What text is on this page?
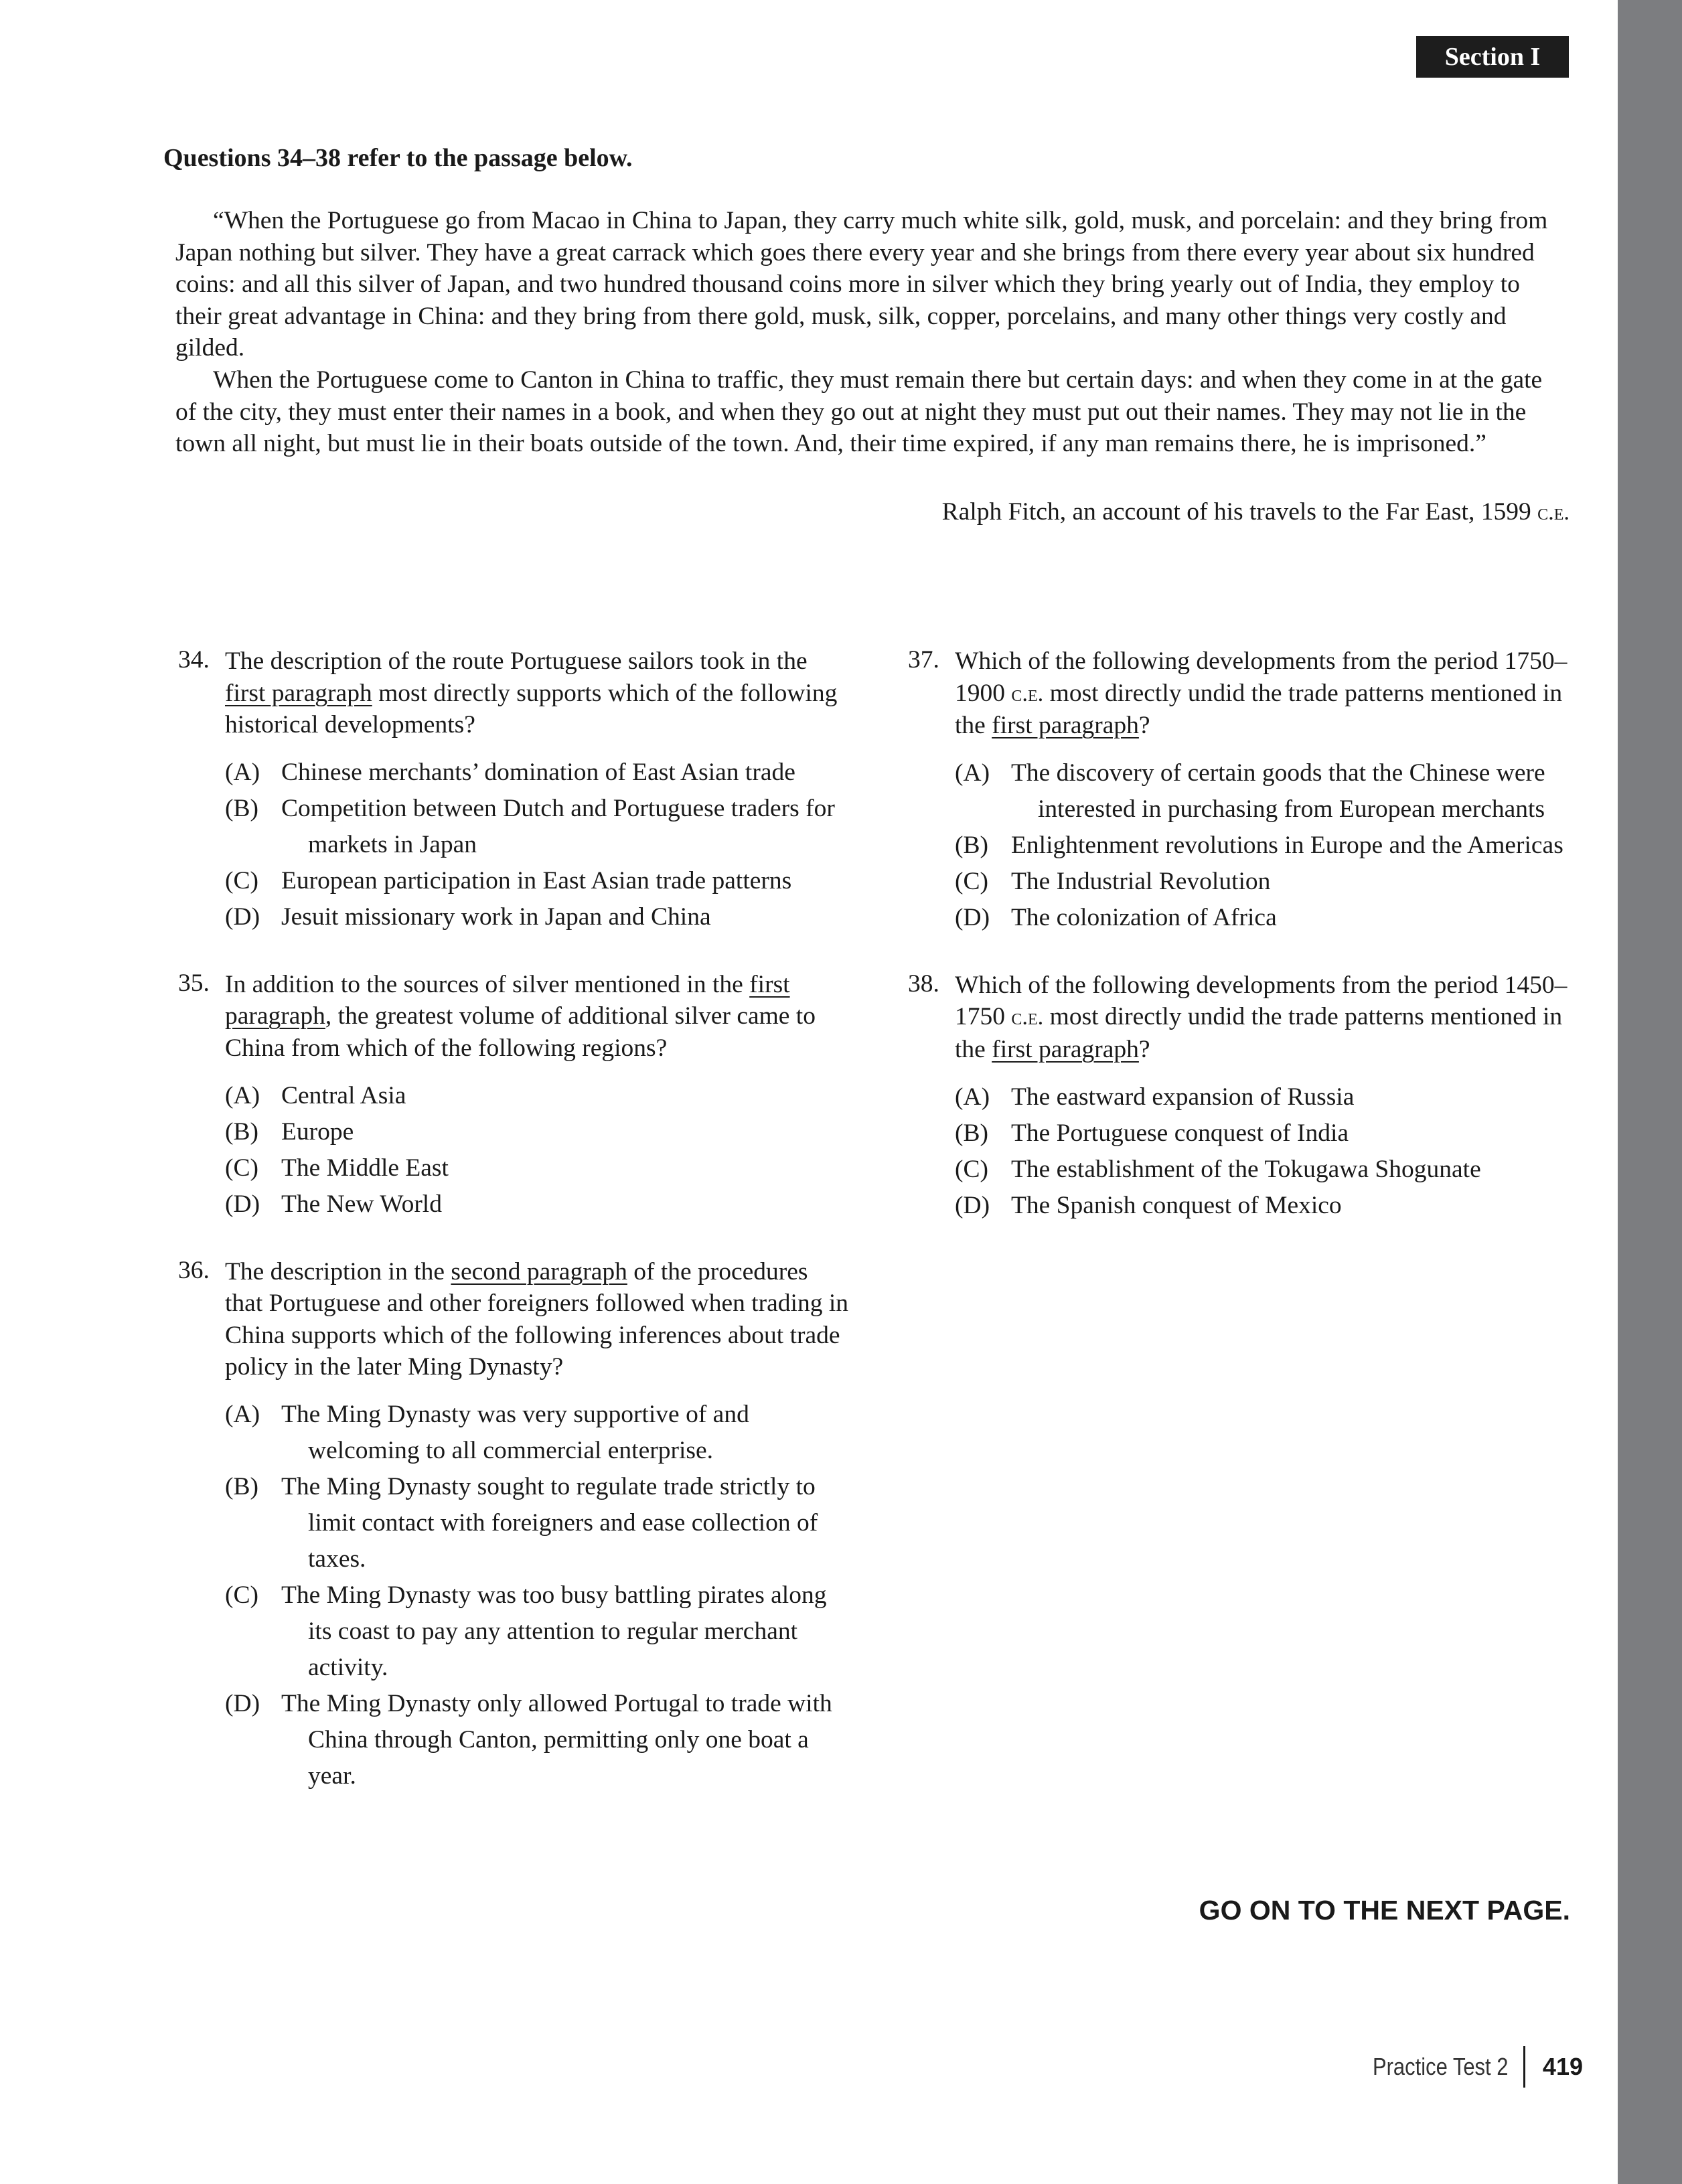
Section I
Questions 34–38 refer to the passage below.

“When the Portuguese go from Macao in China to Japan, they carry much white silk, gold, musk, and porcelain: and they bring from Japan nothing but silver. They have a great carrack which goes there every year and she brings from there every year about six hundred coins: and all this silver of Japan, and two hundred thousand coins more in silver which they bring yearly out of India, they employ to their great advantage in China: and they bring from there gold, musk, silk, copper, porcelains, and many other things very costly and gilded.

When the Portuguese come to Canton in China to traffic, they must remain there but certain days: and when they come in at the gate of the city, they must enter their names in a book, and when they go out at night they must put out their names. They may not lie in the town all night, but must lie in their boats outside of the town. And, their time expired, if any man remains there, he is imprisoned.”

Ralph Fitch, an account of his travels to the Far East, 1599 c.e.
34. The description of the route Portuguese sailors took in the first paragraph most directly supports which of the following historical developments?
(A) Chinese merchants’ domination of East Asian trade
(B) Competition between Dutch and Portuguese traders for markets in Japan
(C) European participation in East Asian trade patterns
(D) Jesuit missionary work in Japan and China
35. In addition to the sources of silver mentioned in the first paragraph, the greatest volume of additional silver came to China from which of the following regions?
(A) Central Asia
(B) Europe
(C) The Middle East
(D) The New World
36. The description in the second paragraph of the procedures that Portuguese and other foreigners followed when trading in China supports which of the following inferences about trade policy in the later Ming Dynasty?
(A) The Ming Dynasty was very supportive of and welcoming to all commercial enterprise.
(B) The Ming Dynasty sought to regulate trade strictly to limit contact with foreigners and ease collection of taxes.
(C) The Ming Dynasty was too busy battling pirates along its coast to pay any attention to regular merchant activity.
(D) The Ming Dynasty only allowed Portugal to trade with China through Canton, permitting only one boat a year.
37. Which of the following developments from the period 1750–1900 c.e. most directly undid the trade patterns mentioned in the first paragraph?
(A) The discovery of certain goods that the Chinese were interested in purchasing from European merchants
(B) Enlightenment revolutions in Europe and the Americas
(C) The Industrial Revolution
(D) The colonization of Africa
38. Which of the following developments from the period 1450–1750 c.e. most directly undid the trade patterns mentioned in the first paragraph?
(A) The eastward expansion of Russia
(B) The Portuguese conquest of India
(C) The establishment of the Tokugawa Shogunate
(D) The Spanish conquest of Mexico
GO ON TO THE NEXT PAGE.
Practice Test 2 419
